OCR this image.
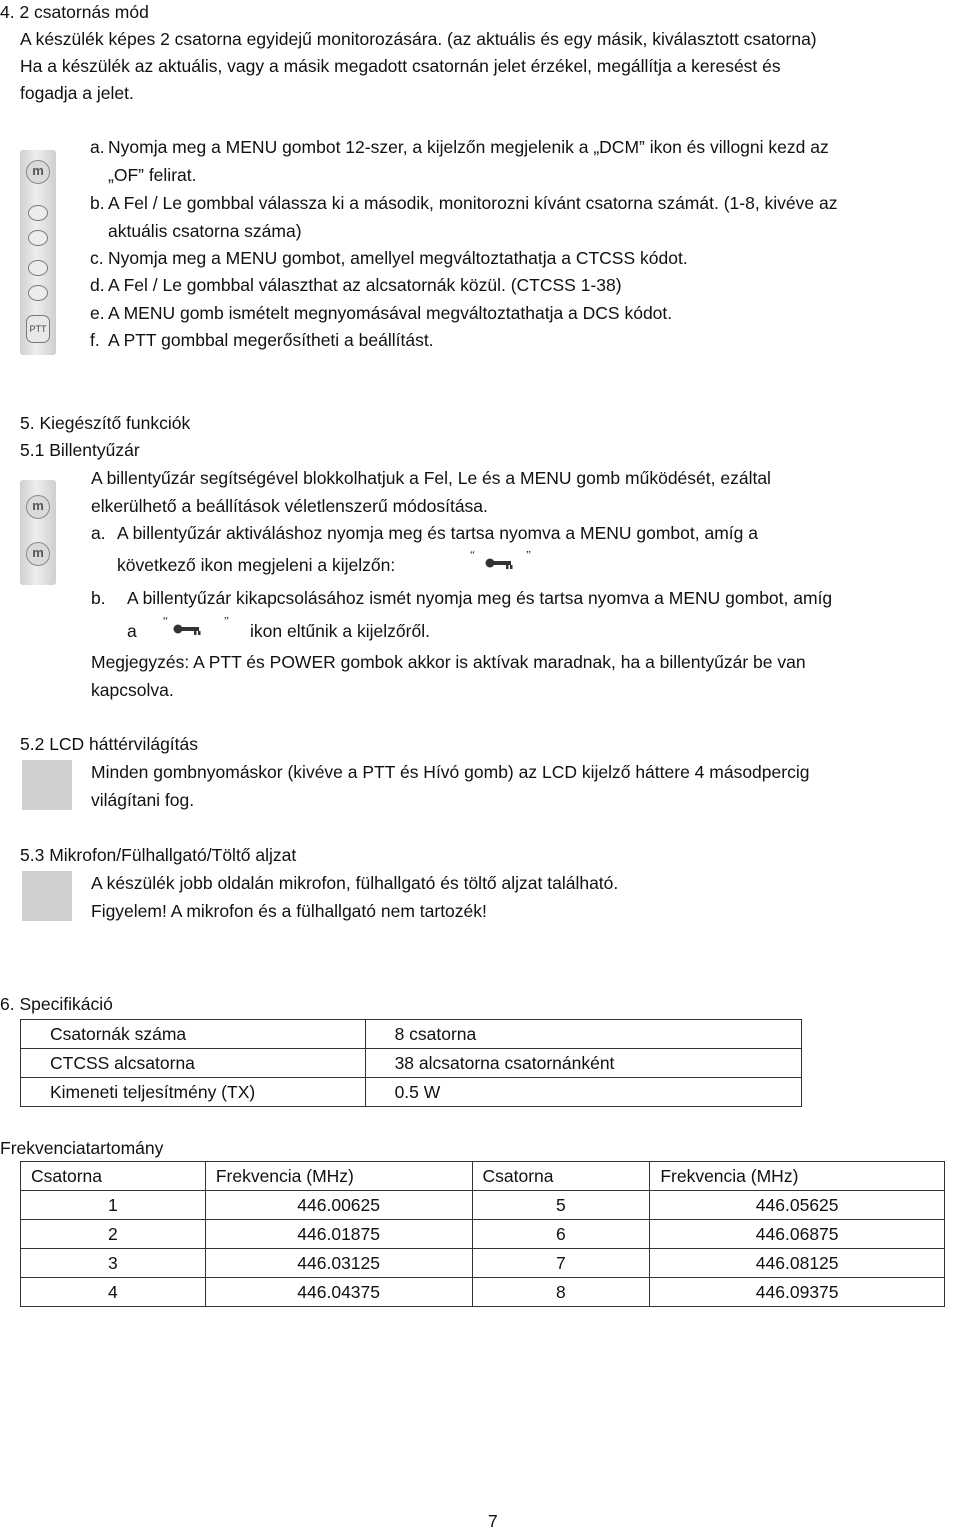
4. 2 csatornás mód
A készülék képes 2 csatorna egyidejű monitorozására. (az aktuális és egy másik, kiválasztott csatorna)
Ha a készülék az aktuális, vagy a másik megadott csatornán jelet érzékel, megállítja a keresést és
fogadja a jelet.
m
PTT
a. Nyomja meg a MENU gombot 12-szer, a kijelzőn megjelenik a „DCM” ikon és villogni kezd az
„OF” felirat.
b. A Fel / Le gombbal válassza ki a második, monitorozni kívánt csatorna számát. (1-8, kivéve az
aktuális csatorna száma)
c. Nyomja meg a MENU gombot, amellyel megváltoztathatja a CTCSS kódot.
d. A Fel / Le gombbal választhat az alcsatornák közül. (CTCSS 1-38)
e. A MENU gomb ismételt megnyomásával megváltoztathatja a DCS kódot.
f. A PTT gombbal megerősítheti a beállítást.
5. Kiegészítő funkciók
5.1 Billentyűzár
m
m
A billentyűzár segítségével blokkolhatjuk a Fel, Le és a MENU gomb működését, ezáltal
elkerülhető a beállítások véletlenszerű módosítása.
a. A billentyűzár aktiváláshoz nyomja meg és tartsa nyomva a MENU gombot, amíg a
következő ikon megjeleni a kijelzőn:	“	”
b. A billentyűzár kikapcsolásához ismét nyomja meg és tartsa nyomva a MENU gombot, amíg
a “	” ikon eltűnik a kijelzőről.
Megjegyzés: A PTT és POWER gombok akkor is aktívak maradnak, ha a billentyűzár be van
kapcsolva.
5.2 LCD háttérvilágítás
Minden gombnyomáskor (kivéve a PTT és Hívó gomb) az LCD kijelző háttere 4 másodpercig
világítani fog.
5.3 Mikrofon/Fülhallgató/Töltő aljzat
A készülék jobb oldalán mikrofon, fülhallgató és töltő aljzat található.
Figyelem! A mikrofon és a fülhallgató nem tartozék!
6. Specifikáció
Csatornák száma	8 csatorna
CTCSS alcsatorna	38 alcsatorna csatornánként
Kimeneti teljesítmény (TX)	0.5 W
Frekvenciatartomány
Csatorna	Frekvencia (MHz)	Csatorna	Frekvencia (MHz)
1	446.00625	5	446.05625
2	446.01875	6	446.06875
3	446.03125	7	446.08125
4	446.04375	8	446.09375
7
